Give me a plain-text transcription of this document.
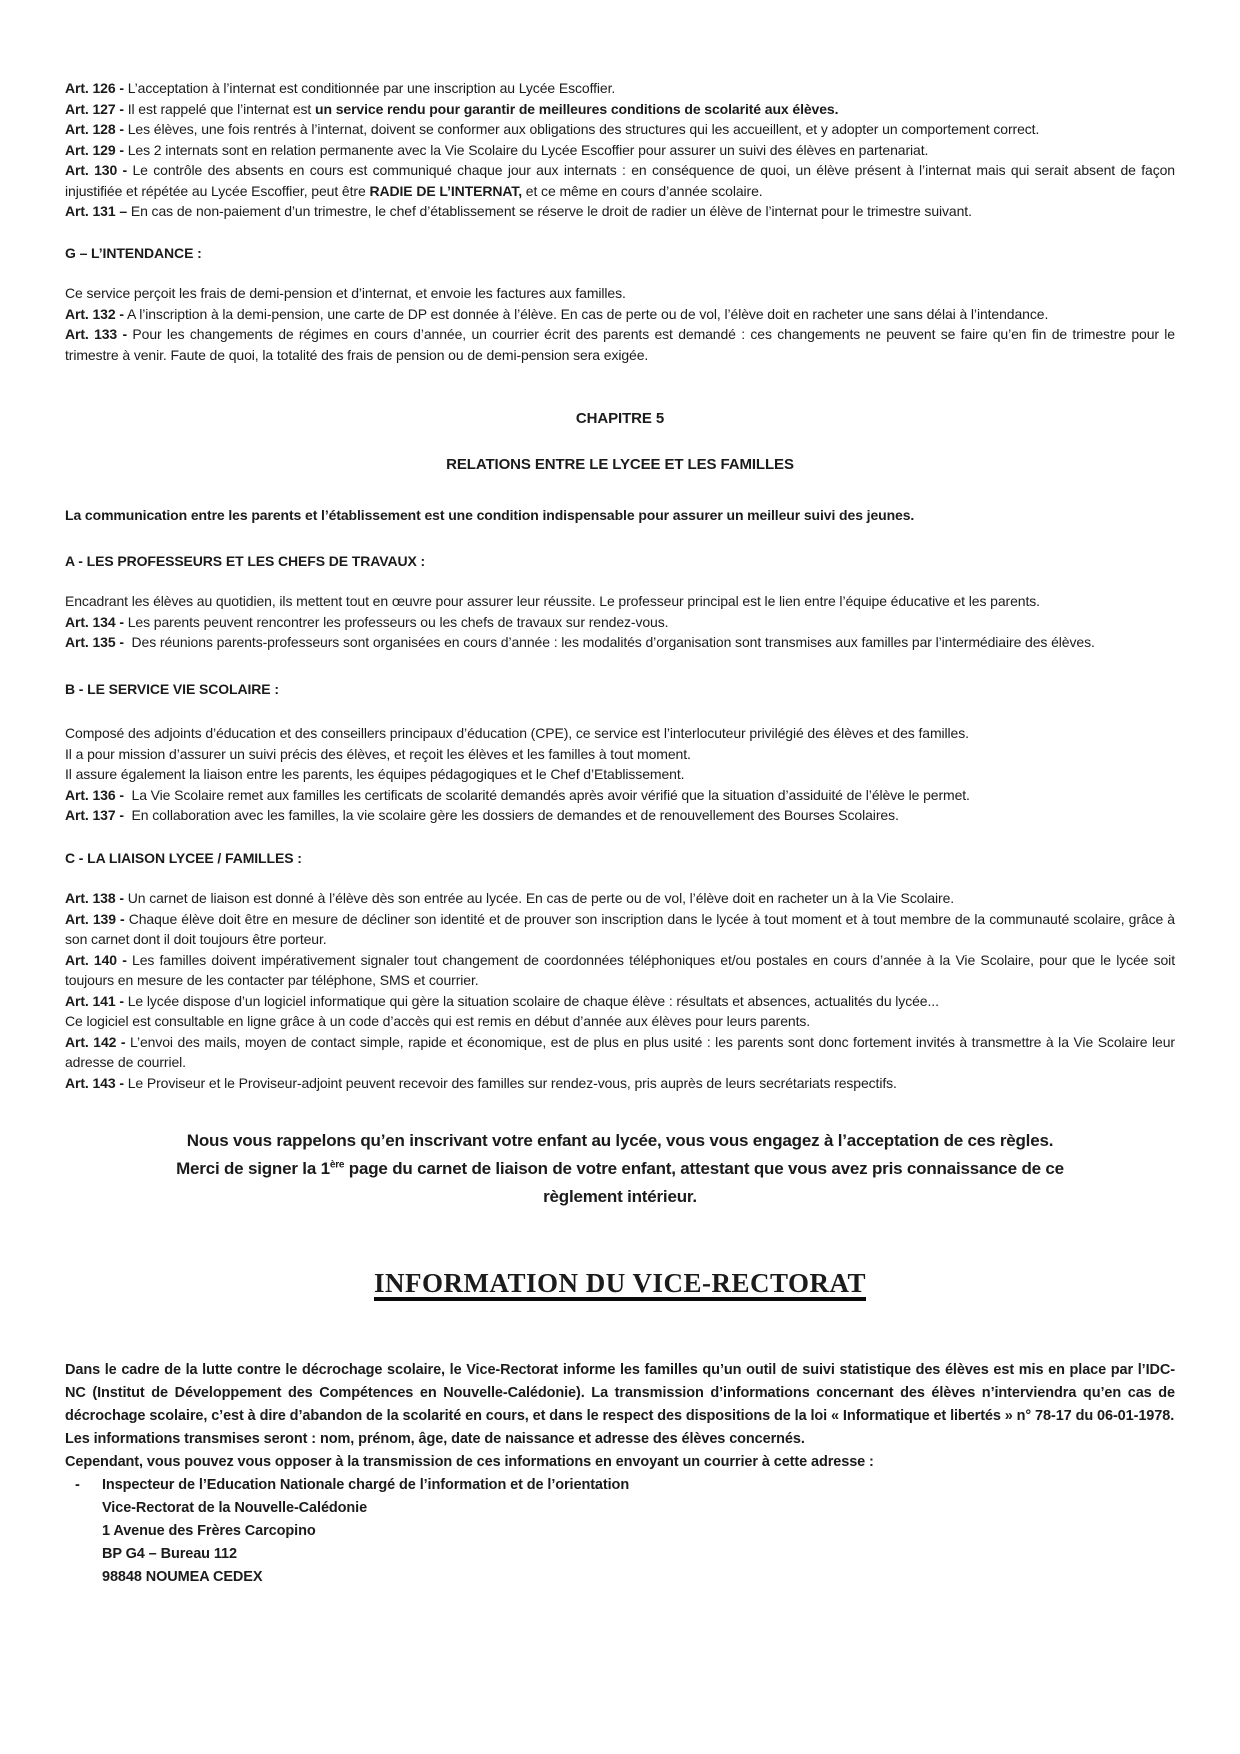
Art. 126 - L’acceptation à l’internat est conditionnée par une inscription au Lycée Escoffier.

Art. 127 - Il est rappelé que l’internat est un service rendu pour garantir de meilleures conditions de scolarité aux élèves.

Art. 128 - Les élèves, une fois rentrés à l’internat, doivent se conformer aux obligations des structures qui les accueillent, et y adopter un comportement correct.

Art. 129 - Les 2 internats sont en relation permanente avec la Vie Scolaire du Lycée Escoffier pour assurer un suivi des élèves en partenariat.

Art. 130 - Le contrôle des absents en cours est communiqué chaque jour aux internats : en conséquence de quoi, un élève présent à l’internat mais qui serait absent de façon injustifiée et répétée au Lycée Escoffier, peut être RADIE DE L’INTERNAT, et ce même en cours d’année scolaire.

Art. 131 – En cas de non-paiement d’un trimestre, le chef d’établissement se réserve le droit de radier un élève de l’internat pour le trimestre suivant.

G – L’INTENDANCE :

Ce service perçoit les frais de demi-pension et d’internat, et envoie les factures aux familles.

Art. 132 - A l’inscription à la demi-pension, une carte de DP est donnée à l’élève. En cas de perte ou de vol, l’élève doit en racheter une sans délai à l’intendance.

Art. 133 - Pour les changements de régimes en cours d’année, un courrier écrit des parents est demandé : ces changements ne peuvent se faire qu’en fin de trimestre pour le trimestre à venir. Faute de quoi, la totalité des frais de pension ou de demi-pension sera exigée.

CHAPITRE 5

RELATIONS ENTRE LE LYCEE ET LES FAMILLES

La communication entre les parents et l’établissement est une condition indispensable pour assurer un meilleur suivi des jeunes.

A - LES PROFESSEURS ET LES CHEFS DE TRAVAUX :

Encadrant les élèves au quotidien, ils mettent tout en œuvre pour assurer leur réussite. Le professeur principal est le lien entre l’équipe éducative et les parents.

Art. 134 - Les parents peuvent rencontrer les professeurs ou les chefs de travaux sur rendez-vous.

Art. 135 - Des réunions parents-professeurs sont organisées en cours d’année : les modalités d’organisation sont transmises aux familles par l’intermédiaire des élèves.

B - LE SERVICE VIE SCOLAIRE :

Composé des adjoints d’éducation et des conseillers principaux d’éducation (CPE), ce service est l’interlocuteur privilégié des élèves et des familles.

Il a pour mission d’assurer un suivi précis des élèves, et reçoit les élèves et les familles à tout moment.

Il assure également la liaison entre les parents, les équipes pédagogiques et le Chef d’Etablissement.

Art. 136 - La Vie Scolaire remet aux familles les certificats de scolarité demandés après avoir vérifié que la situation d’assiduité de l’élève le permet.

Art. 137 - En collaboration avec les familles, la vie scolaire gère les dossiers de demandes et de renouvellement des Bourses Scolaires.

C - LA LIAISON LYCEE / FAMILLES :

Art. 138 - Un carnet de liaison est donné à l’élève dès son entrée au lycée. En cas de perte ou de vol, l’élève doit en racheter un à la Vie Scolaire.

Art. 139 - Chaque élève doit être en mesure de décliner son identité et de prouver son inscription dans le lycée à tout moment et à tout membre de la communauté scolaire, grâce à son carnet dont il doit toujours être porteur.

Art. 140 - Les familles doivent impérativement signaler tout changement de coordonnées téléphoniques et/ou postales en cours d’année à la Vie Scolaire, pour que le lycée soit toujours en mesure de les contacter par téléphone, SMS et courrier.

Art. 141 - Le lycée dispose d’un logiciel informatique qui gère la situation scolaire de chaque élève : résultats et absences, actualités du lycée...

Ce logiciel est consultable en ligne grâce à un code d’accès qui est remis en début d’année aux élèves pour leurs parents.

Art. 142 - L’envoi des mails, moyen de contact simple, rapide et économique, est de plus en plus usité : les parents sont donc fortement invités à transmettre à la Vie Scolaire leur adresse de courriel.

Art. 143 - Le Proviseur et le Proviseur-adjoint peuvent recevoir des familles sur rendez-vous, pris auprès de leurs secrétariats respectifs.

Nous vous rappelons qu’en inscrivant votre enfant au lycée, vous vous engagez à l’acceptation de ces règles.
Merci de signer la 1ère page du carnet de liaison de votre enfant, attestant que vous avez pris connaissance de ce
règlement intérieur.
INFORMATION DU VICE-RECTORAT

Dans le cadre de la lutte contre le décrochage scolaire, le Vice-Rectorat informe les familles qu’un outil de suivi statistique des élèves est mis en place par l’IDC-NC (Institut de Développement des Compétences en Nouvelle-Calédonie). La transmission d’informations concernant des élèves n’interviendra qu’en cas de décrochage scolaire, c’est à dire d’abandon de la scolarité en cours, et dans le respect des dispositions de la loi « Informatique et libertés » n° 78-17 du 06-01-1978.

Les informations transmises seront : nom, prénom, âge, date de naissance et adresse des élèves concernés.

Cependant, vous pouvez vous opposer à la transmission de ces informations en envoyant un courrier à cette adresse :

-	Inspecteur de l’Education Nationale chargé de l’information et de l’orientation
Vice-Rectorat de la Nouvelle-Calédonie
1 Avenue des Frères Carcopino
BP G4 – Bureau 112
98848 NOUMEA CEDEX
